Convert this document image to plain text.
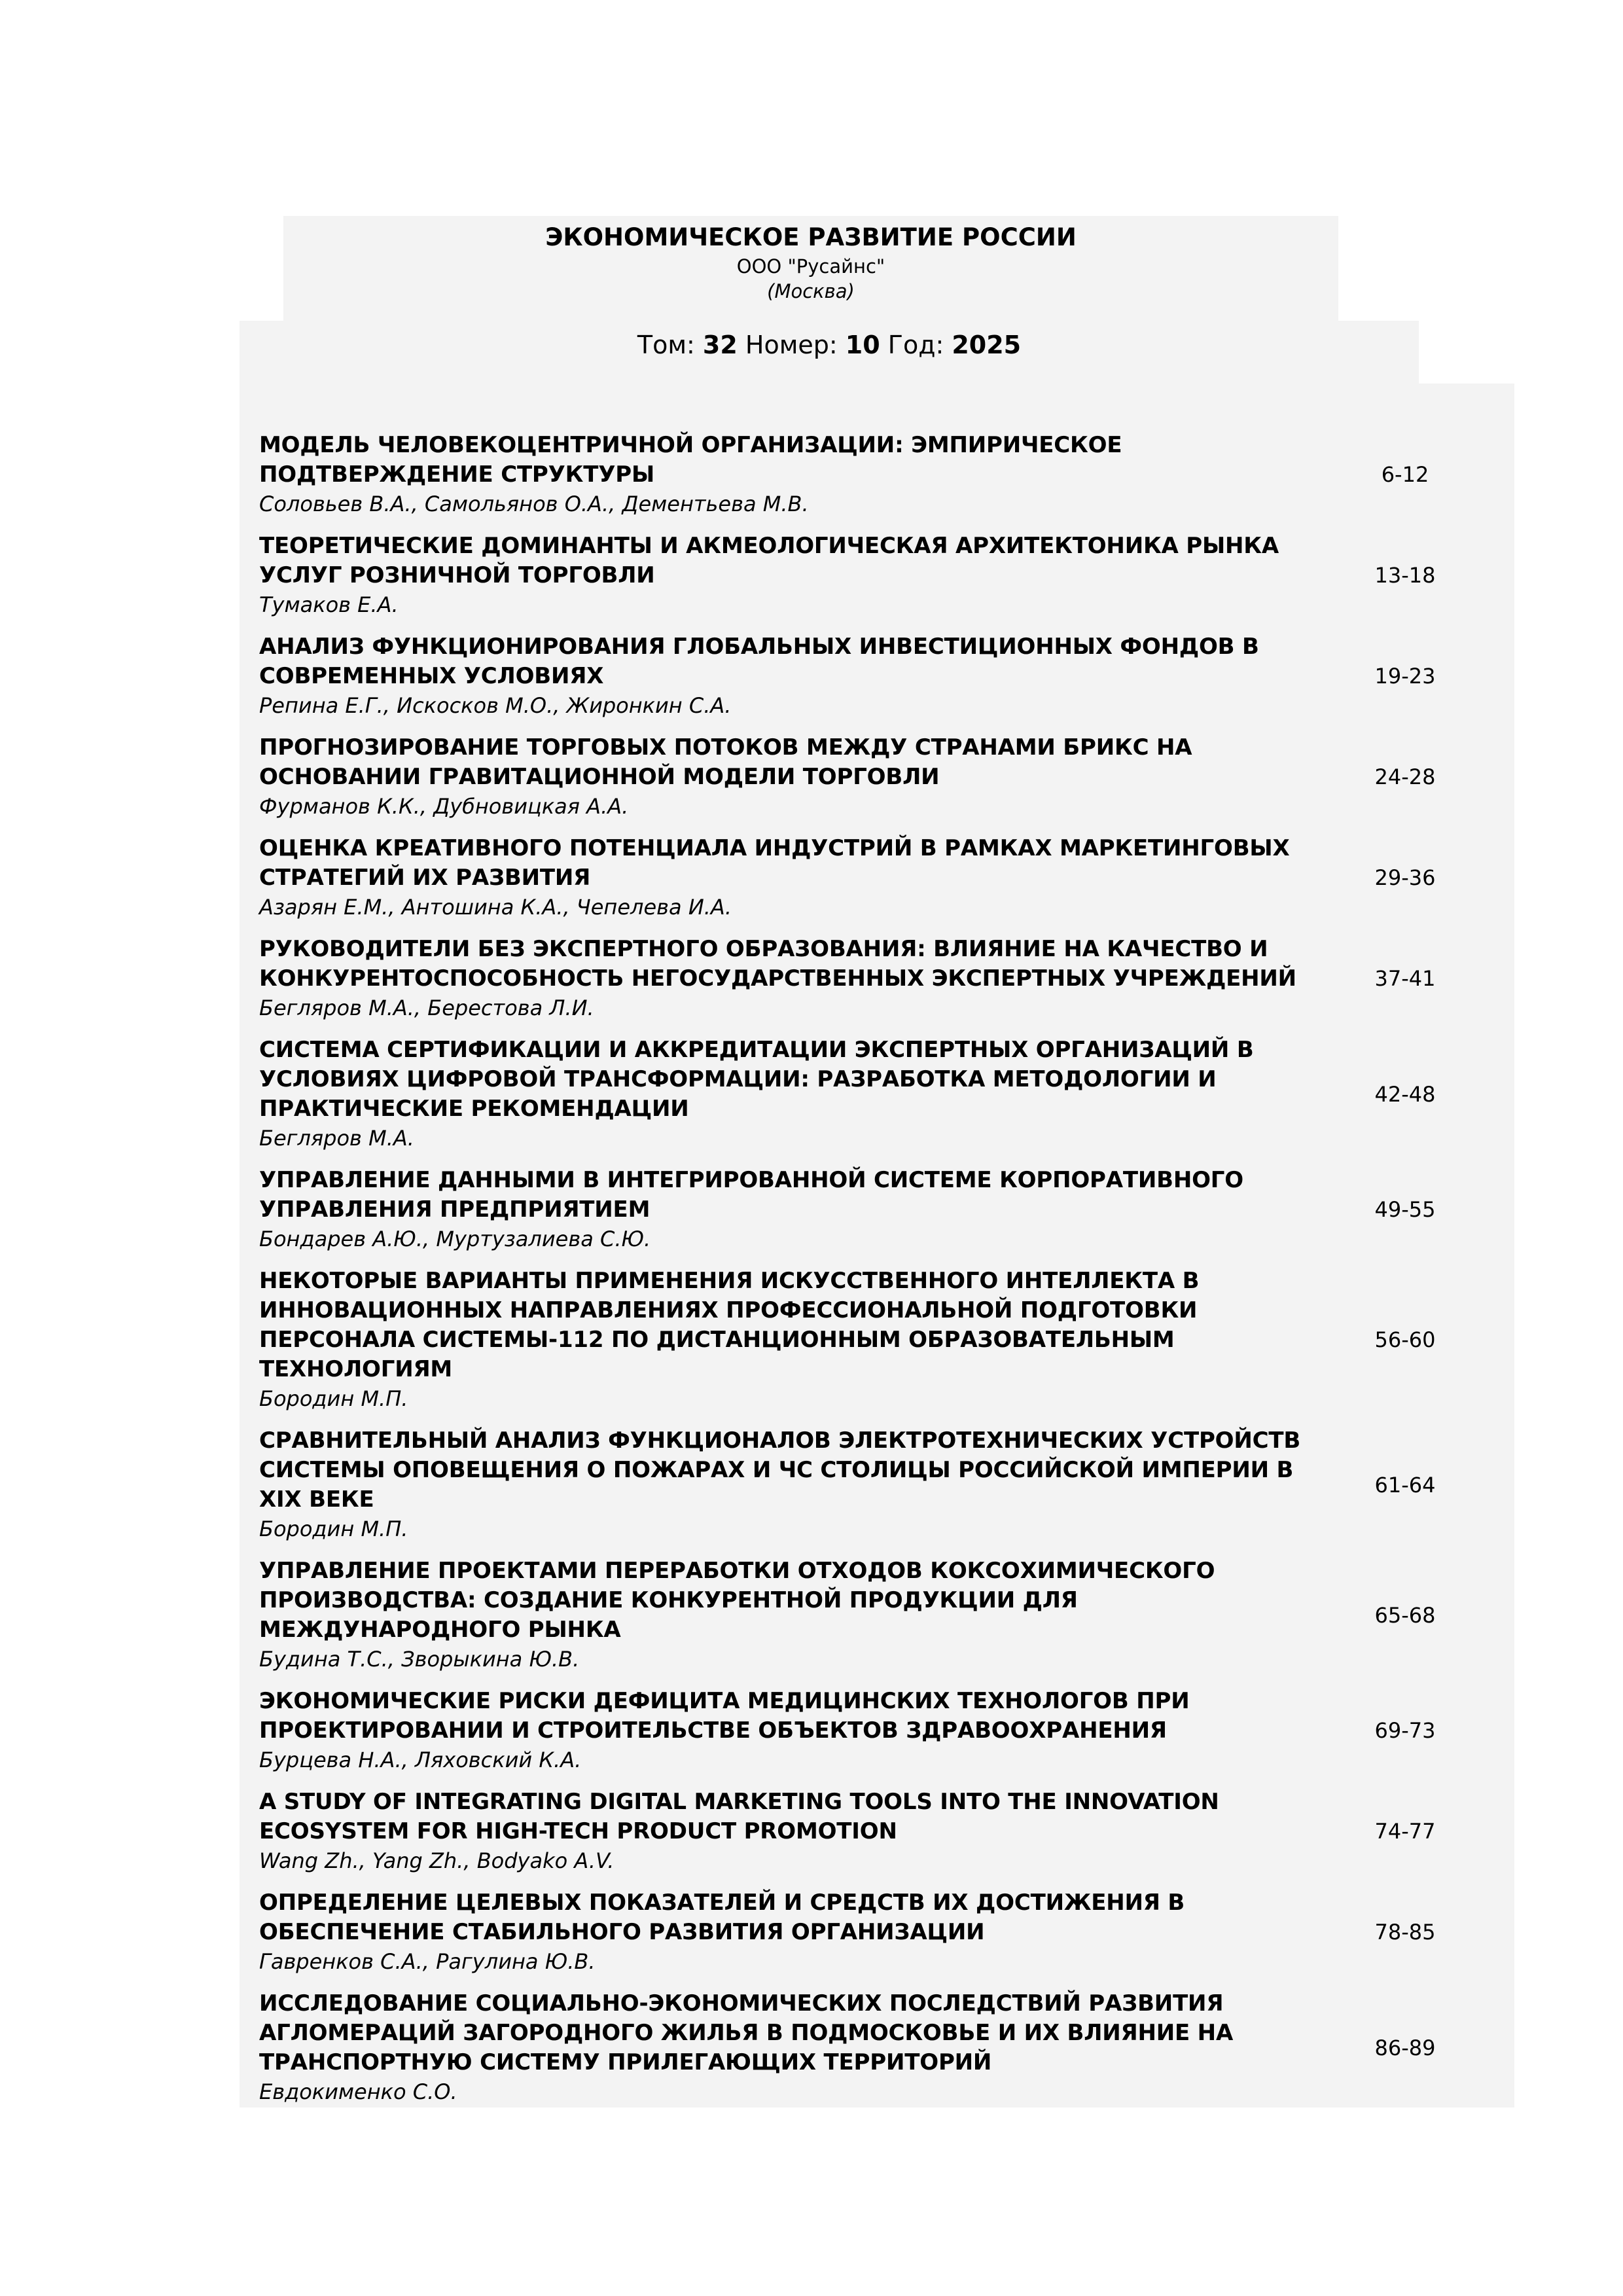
ЭКОНОМИЧЕСКОЕ РАЗВИТИЕ РОССИИ
ООО "Русайнс"
(Москва)
Том: 32 Номер: 10 Год: 2025
МОДЕЛЬ ЧЕЛОВЕКОЦЕНТРИЧНОЙ ОРГАНИЗАЦИИ: ЭМПИРИЧЕСКОЕ ПОДТВЕРЖДЕНИЕ СТРУКТУРЫ
Соловьев В.А., Самольянов О.А., Дементьева М.В.
6-12
ТЕОРЕТИЧЕСКИЕ ДОМИНАНТЫ И АКМЕОЛОГИЧЕСКАЯ АРХИТЕКТОНИКА РЫНКА УСЛУГ РОЗНИЧНОЙ ТОРГОВЛИ
Тумаков Е.А.
13-18
АНАЛИЗ ФУНКЦИОНИРОВАНИЯ ГЛОБАЛЬНЫХ ИНВЕСТИЦИОННЫХ ФОНДОВ В СОВРЕМЕННЫХ УСЛОВИЯХ
Репина Е.Г., Искосков М.О., Жиронкин С.А.
19-23
ПРОГНОЗИРОВАНИЕ ТОРГОВЫХ ПОТОКОВ МЕЖДУ СТРАНАМИ БРИКС НА ОСНОВАНИИ ГРАВИТАЦИОННОЙ МОДЕЛИ ТОРГОВЛИ
Фурманов К.К., Дубновицкая А.А.
24-28
ОЦЕНКА КРЕАТИВНОГО ПОТЕНЦИАЛА ИНДУСТРИЙ В РАМКАХ МАРКЕТИНГОВЫХ СТРАТЕГИЙ ИХ РАЗВИТИЯ
Азарян Е.М., Антошина К.А., Чепелева И.А.
29-36
РУКОВОДИТЕЛИ БЕЗ ЭКСПЕРТНОГО ОБРАЗОВАНИЯ: ВЛИЯНИЕ НА КАЧЕСТВО И КОНКУРЕНТОСПОСОБНОСТЬ НЕГОСУДАРСТВЕННЫХ ЭКСПЕРТНЫХ УЧРЕЖДЕНИЙ
Бегляров М.А., Берестова Л.И.
37-41
СИСТЕМА СЕРТИФИКАЦИИ И АККРЕДИТАЦИИ ЭКСПЕРТНЫХ ОРГАНИЗАЦИЙ В УСЛОВИЯХ ЦИФРОВОЙ ТРАНСФОРМАЦИИ: РАЗРАБОТКА МЕТОДОЛОГИИ И ПРАКТИЧЕСКИЕ РЕКОМЕНДАЦИИ
Бегляров М.А.
42-48
УПРАВЛЕНИЕ ДАННЫМИ В ИНТЕГРИРОВАННОЙ СИСТЕМЕ КОРПОРАТИВНОГО УПРАВЛЕНИЯ ПРЕДПРИЯТИЕМ
Бондарев А.Ю., Муртузалиева С.Ю.
49-55
НЕКОТОРЫЕ ВАРИАНТЫ ПРИМЕНЕНИЯ ИСКУССТВЕННОГО ИНТЕЛЛЕКТА В ИННОВАЦИОННЫХ НАПРАВЛЕНИЯХ ПРОФЕССИОНАЛЬНОЙ ПОДГОТОВКИ ПЕРСОНАЛА СИСТЕМЫ-112 ПО ДИСТАНЦИОННЫМ ОБРАЗОВАТЕЛЬНЫМ ТЕХНОЛОГИЯМ
Бородин М.П.
56-60
СРАВНИТЕЛЬНЫЙ АНАЛИЗ ФУНКЦИОНАЛОВ ЭЛЕКТРОТЕХНИЧЕСКИХ УСТРОЙСТВ СИСТЕМЫ ОПОВЕЩЕНИЯ О ПОЖАРАХ И ЧС СТОЛИЦЫ РОССИЙСКОЙ ИМПЕРИИ В XIX ВЕКЕ
Бородин М.П.
61-64
УПРАВЛЕНИЕ ПРОЕКТАМИ ПЕРЕРАБОТКИ ОТХОДОВ КОКСОХИМИЧЕСКОГО ПРОИЗВОДСТВА: СОЗДАНИЕ КОНКУРЕНТНОЙ ПРОДУКЦИИ ДЛЯ МЕЖДУНАРОДНОГО РЫНКА
Будина Т.С., Зворыкина Ю.В.
65-68
ЭКОНОМИЧЕСКИЕ РИСКИ ДЕФИЦИТА МЕДИЦИНСКИХ ТЕХНОЛОГОВ ПРИ ПРОЕКТИРОВАНИИ И СТРОИТЕЛЬСТВЕ ОБЪЕКТОВ ЗДРАВООХРАНЕНИЯ
Бурцева Н.А., Ляховский К.А.
69-73
A STUDY OF INTEGRATING DIGITAL MARKETING TOOLS INTO THE INNOVATION ECOSYSTEM FOR HIGH-TECH PRODUCT PROMOTION
Wang Zh., Yang Zh., Bodyako A.V.
74-77
ОПРЕДЕЛЕНИЕ ЦЕЛЕВЫХ ПОКАЗАТЕЛЕЙ И СРЕДСТВ ИХ ДОСТИЖЕНИЯ В ОБЕСПЕЧЕНИЕ СТАБИЛЬНОГО РАЗВИТИЯ ОРГАНИЗАЦИИ
Гавренков С.А., Рагулина Ю.В.
78-85
ИССЛЕДОВАНИЕ СОЦИАЛЬНО-ЭКОНОМИЧЕСКИХ ПОСЛЕДСТВИЙ РАЗВИТИЯ АГЛОМЕРАЦИЙ ЗАГОРОДНОГО ЖИЛЬЯ В ПОДМОСКОВЬЕ И ИХ ВЛИЯНИЕ НА ТРАНСПОРТНУЮ СИСТЕМУ ПРИЛЕГАЮЩИХ ТЕРРИТОРИЙ
Евдокименко С.О.
86-89
